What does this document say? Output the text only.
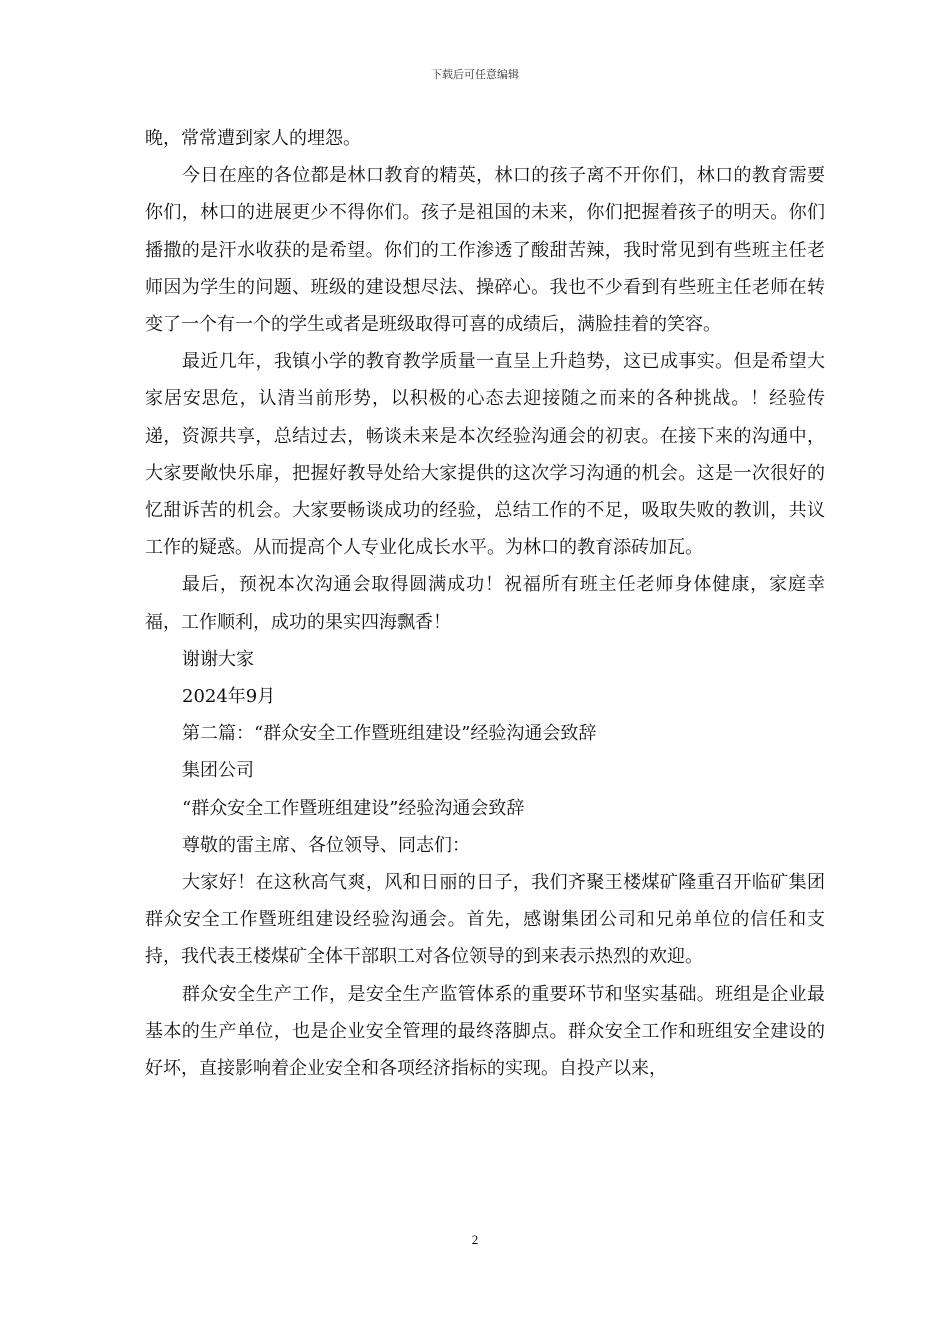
下载后可任意编辑

晚，常常遭到家人的埋怨。

今日在座的各位都是林口教育的精英，林口的孩子离不开你们，林口的教育需要你们，林口的进展更少不得你们。孩子是祖国的未来，你们把握着孩子的明天。你们播撒的是汗水收获的是希望。你们的工作渗透了酸甜苦辣，我时常见到有些班主任老师因为学生的问题、班级的建设想尽法、操碎心。我也不少看到有些班主任老师在转变了一个有一个的学生或者是班级取得可喜的成绩后，满脸挂着的笑容。

最近几年，我镇小学的教育教学质量一直呈上升趋势，这已成事实。但是希望大家居安思危，认清当前形势，以积极的心态去迎接随之而来的各种挑战。！经验传递，资源共享，总结过去，畅谈未来是本次经验沟通会的初衷。在接下来的沟通中，大家要敞快乐扉，把握好教导处给大家提供的这次学习沟通的机会。这是一次很好的忆甜诉苦的机会。大家要畅谈成功的经验，总结工作的不足，吸取失败的教训，共议工作的疑惑。从而提高个人专业化成长水平。为林口的教育添砖加瓦。

最后，预祝本次沟通会取得圆满成功！祝福所有班主任老师身体健康，家庭幸福，工作顺利，成功的果实四海飘香！

谢谢大家

2024年9月

第二篇：“群众安全工作暨班组建设”经验沟通会致辞

集团公司

“群众安全工作暨班组建设”经验沟通会致辞

尊敬的雷主席、各位领导、同志们：

大家好！在这秋高气爽，风和日丽的日子，我们齐聚王楼煤矿隆重召开临矿集团群众安全工作暨班组建设经验沟通会。首先，感谢集团公司和兄弟单位的信任和支持，我代表王楼煤矿全体干部职工对各位领导的到来表示热烈的欢迎。

群众安全生产工作，是安全生产监管体系的重要环节和坚实基础。班组是企业最基本的生产单位，也是企业安全管理的最终落脚点。群众安全工作和班组安全建设的好坏，直接影响着企业安全和各项经济指标的实现。自投产以来，

2
